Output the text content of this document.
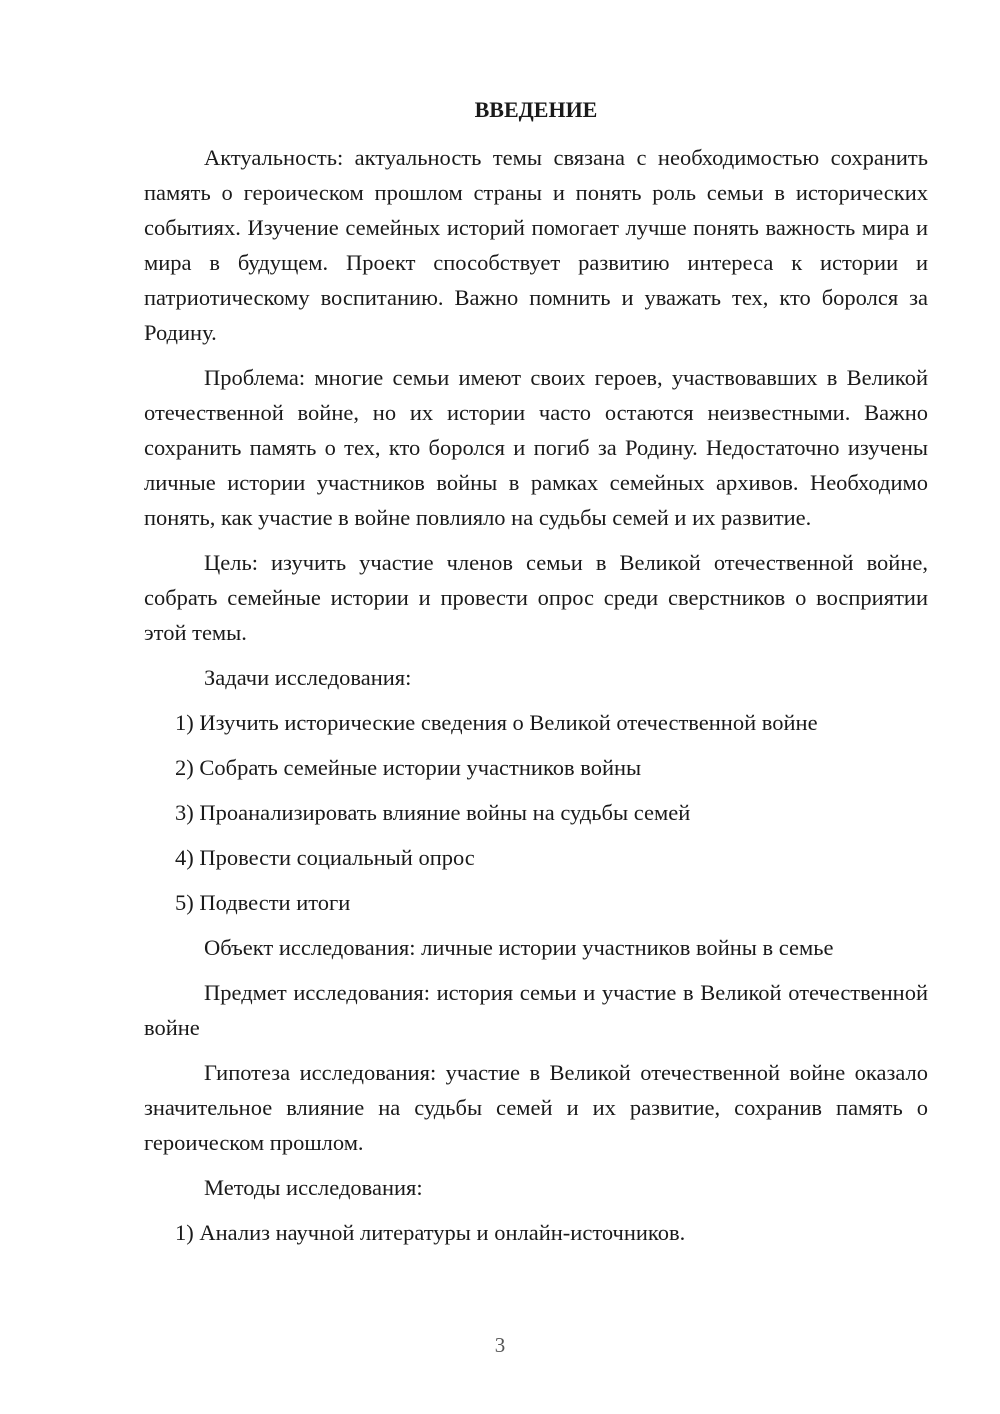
ВВЕДЕНИЕ

Актуальность: актуальность темы связана с необходимостью сохранить память о героическом прошлом страны и понять роль семьи в исторических событиях. Изучение семейных историй помогает лучше понять важность мира и мира в будущем. Проект способствует развитию интереса к истории и патриотическому воспитанию. Важно помнить и уважать тех, кто боролся за Родину.

Проблема: многие семьи имеют своих героев, участвовавших в Великой отечественной войне, но их истории часто остаются неизвестными. Важно сохранить память о тех, кто боролся и погиб за Родину. Недостаточно изучены личные истории участников войны в рамках семейных архивов. Необходимо понять, как участие в войне повлияло на судьбы семей и их развитие.

Цель: изучить участие членов семьи в Великой отечественной войне, собрать семейные истории и провести опрос среди сверстников о восприятии этой темы.

Задачи исследования:

1) Изучить исторические сведения о Великой отечественной войне

2) Собрать семейные истории участников войны

3) Проанализировать влияние войны на судьбы семей

4) Провести социальный опрос

5) Подвести итоги

Объект исследования: личные истории участников войны в семье

Предмет исследования: история семьи и участие в Великой отечественной войне

Гипотеза исследования: участие в Великой отечественной войне оказало значительное влияние на судьбы семей и их развитие, сохранив память о героическом прошлом.

Методы исследования:

1) Анализ научной литературы и онлайн-источников.

3
